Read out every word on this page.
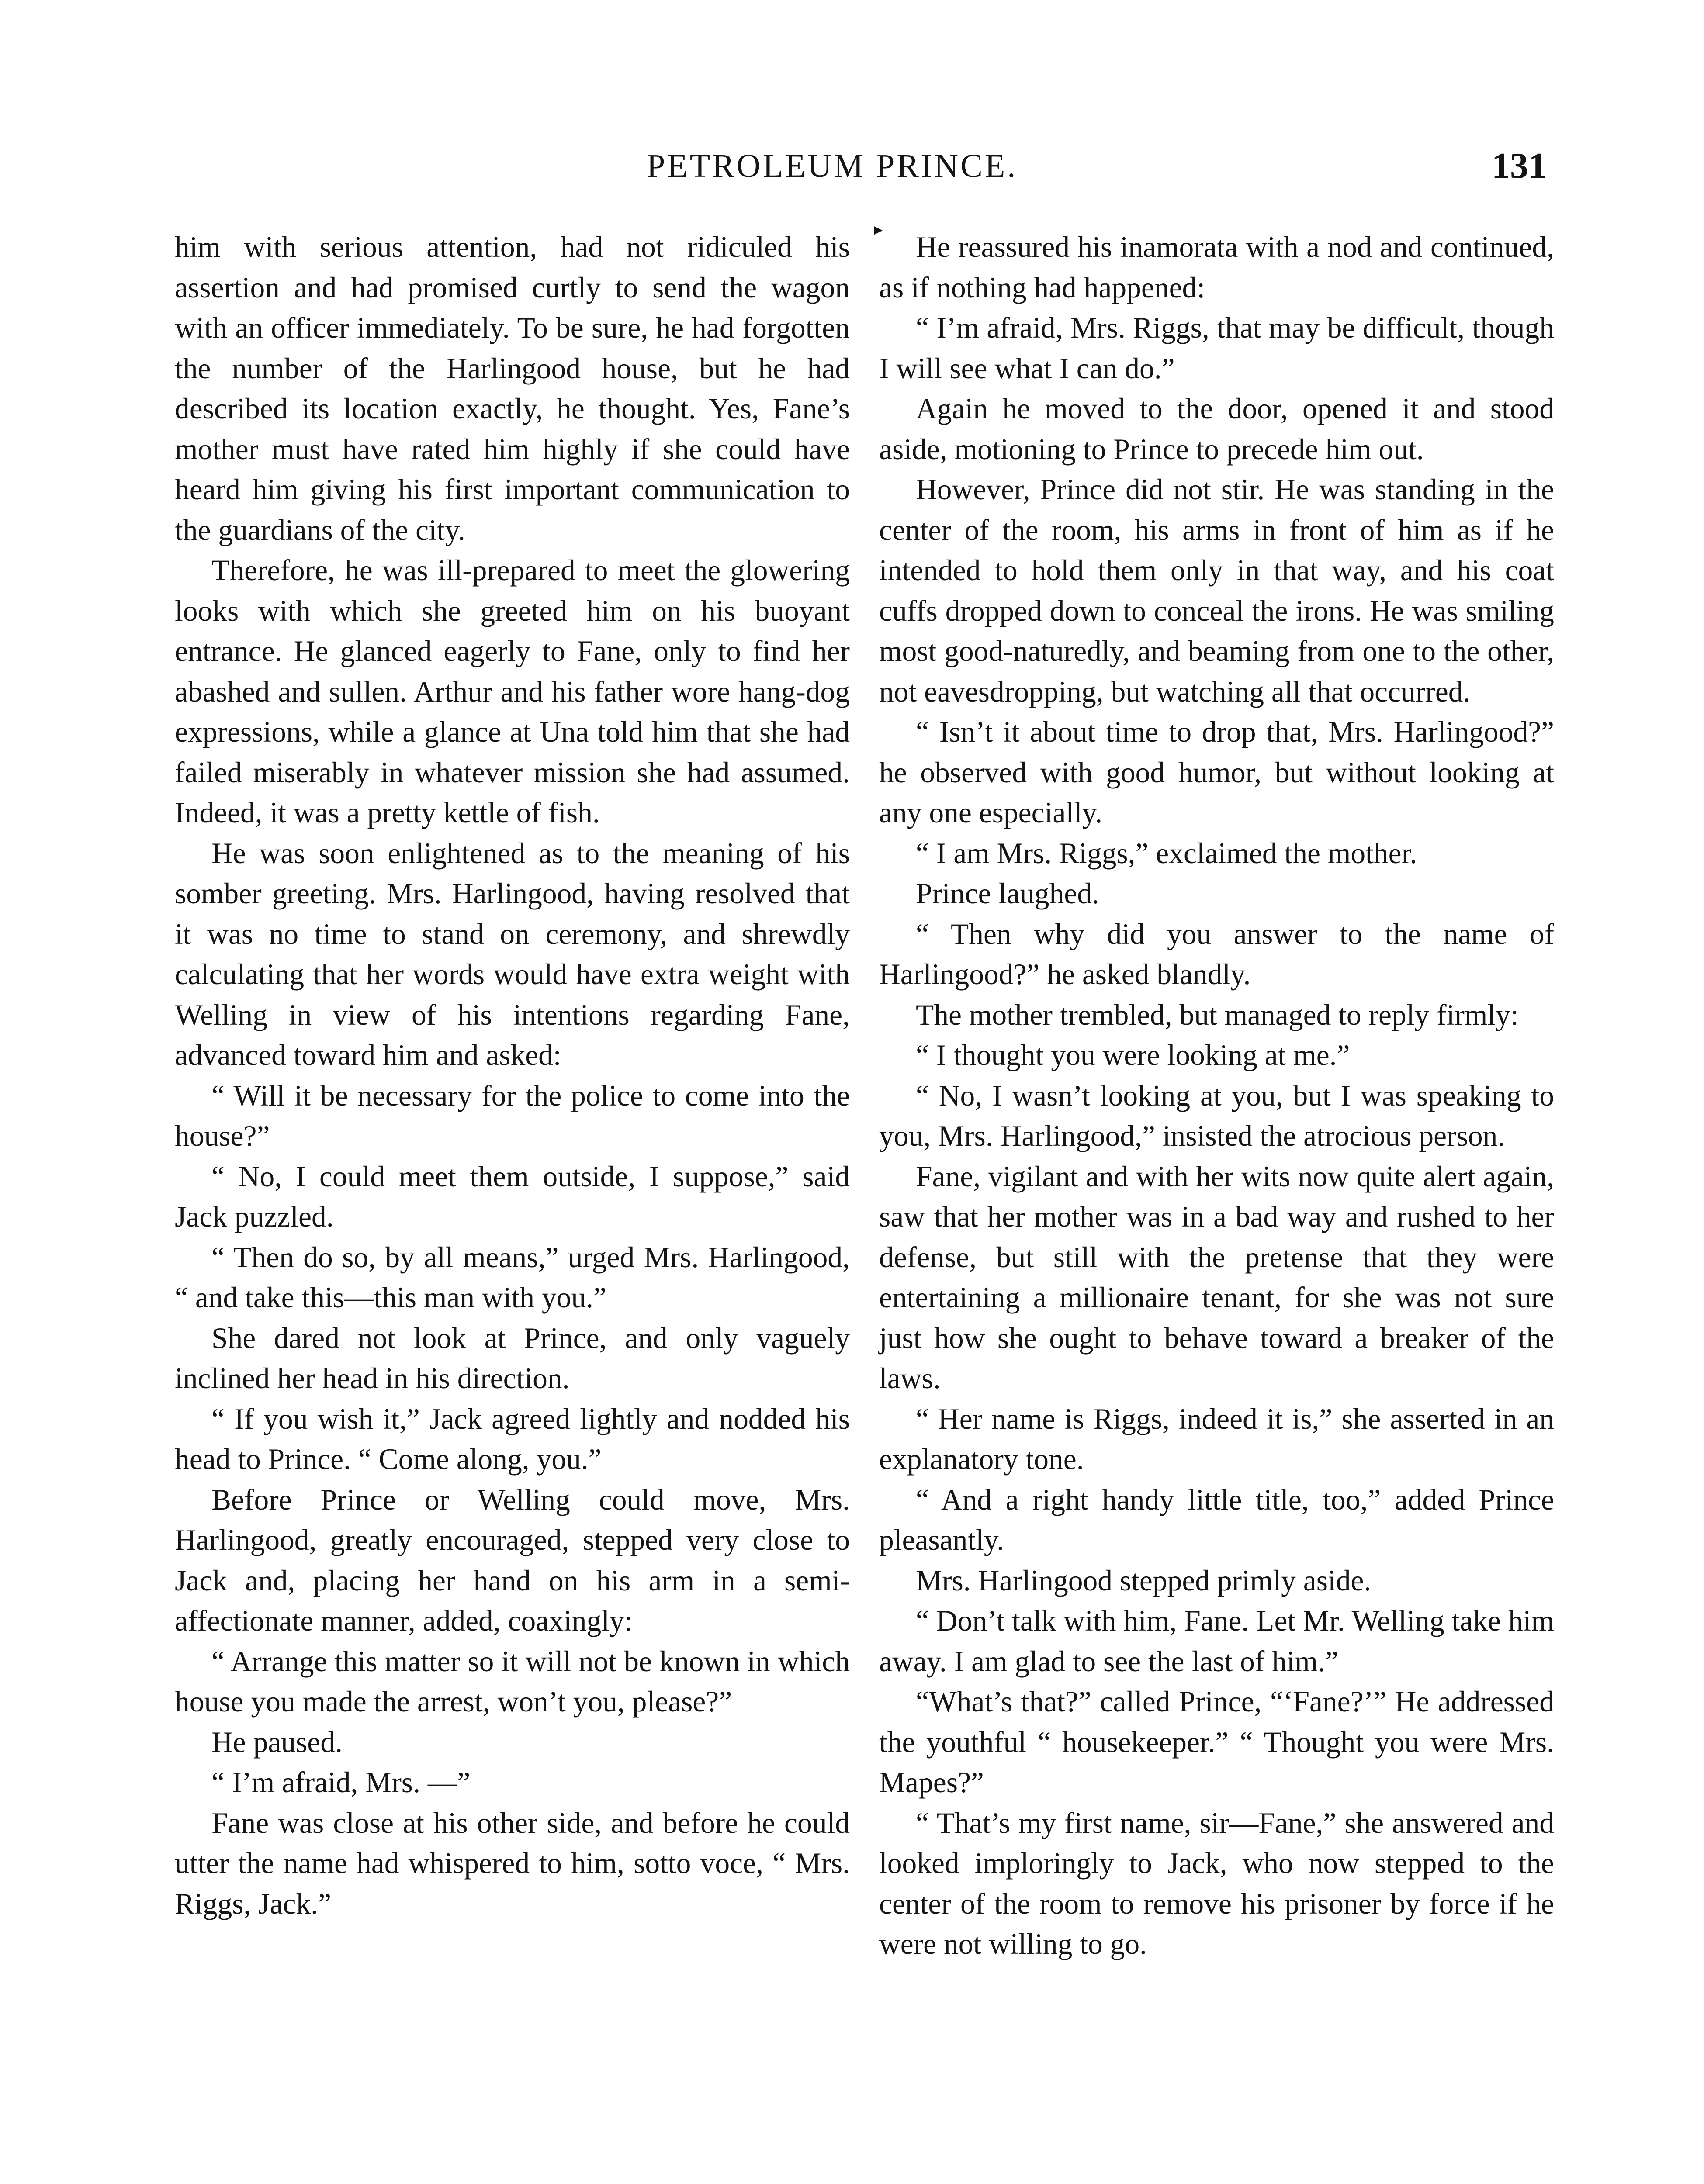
PETROLEUM PRINCE.	131
▸

him with serious attention, had not ridiculed his assertion and had promised curtly to send the wagon with an officer immediately. To be sure, he had forgotten the number of the Harlingood house, but he had described its location exactly, he thought. Yes, Fane’s mother must have rated him highly if she could have heard him giving his first important communication to the guardians of the city.

Therefore, he was ill-prepared to meet the glowering looks with which she greeted him on his buoyant entrance. He glanced eagerly to Fane, only to find her abashed and sullen. Arthur and his father wore hang-dog expressions, while a glance at Una told him that she had failed miserably in whatever mission she had assumed. Indeed, it was a pretty kettle of fish.

He was soon enlightened as to the meaning of his somber greeting. Mrs. Harlingood, having resolved that it was no time to stand on ceremony, and shrewdly calculating that her words would have extra weight with Welling in view of his intentions regarding Fane, advanced toward him and asked:

“ Will it be necessary for the police to come into the house?”

“ No, I could meet them outside, I suppose,” said Jack puzzled.

“ Then do so, by all means,” urged Mrs. Harlingood, “ and take this—this man with you.”

She dared not look at Prince, and only vaguely inclined her head in his direction.

“ If you wish it,” Jack agreed lightly and nodded his head to Prince. “ Come along, you.”

Before Prince or Welling could move, Mrs. Harlingood, greatly encouraged, stepped very close to Jack and, placing her hand on his arm in a semi-affectionate manner, added, coaxingly:

“ Arrange this matter so it will not be known in which house you made the arrest, won’t you, please?”

He paused.

“ I’m afraid, Mrs. —”

Fane was close at his other side, and before he could utter the name had whispered to him, sotto voce, “ Mrs. Riggs, Jack.”

He reassured his inamorata with a nod and continued, as if nothing had happened:

“ I’m afraid, Mrs. Riggs, that may be difficult, though I will see what I can do.”

Again he moved to the door, opened it and stood aside, motioning to Prince to precede him out.

However, Prince did not stir. He was standing in the center of the room, his arms in front of him as if he intended to hold them only in that way, and his coat cuffs dropped down to conceal the irons. He was smiling most good-naturedly, and beaming from one to the other, not eavesdropping, but watching all that occurred.

“ Isn’t it about time to drop that, Mrs. Harlingood?” he observed with good humor, but without looking at any one especially.

“ I am Mrs. Riggs,” exclaimed the mother.

Prince laughed.

“ Then why did you answer to the name of Harlingood?” he asked blandly.

The mother trembled, but managed to reply firmly:

“ I thought you were looking at me.”

“ No, I wasn’t looking at you, but I was speaking to you, Mrs. Harlingood,” insisted the atrocious person.

Fane, vigilant and with her wits now quite alert again, saw that her mother was in a bad way and rushed to her defense, but still with the pretense that they were entertaining a millionaire tenant, for she was not sure just how she ought to behave toward a breaker of the laws.

“ Her name is Riggs, indeed it is,” she asserted in an explanatory tone.

“ And a right handy little title, too,” added Prince pleasantly.

Mrs. Harlingood stepped primly aside.

“ Don’t talk with him, Fane. Let Mr. Welling take him away. I am glad to see the last of him.”

“What’s that?” called Prince, “‘Fane?’” He addressed the youthful “ housekeeper.” “ Thought you were Mrs. Mapes?”

“ That’s my first name, sir—Fane,” she answered and looked imploringly to Jack, who now stepped to the center of the room to remove his prisoner by force if he were not willing to go.
